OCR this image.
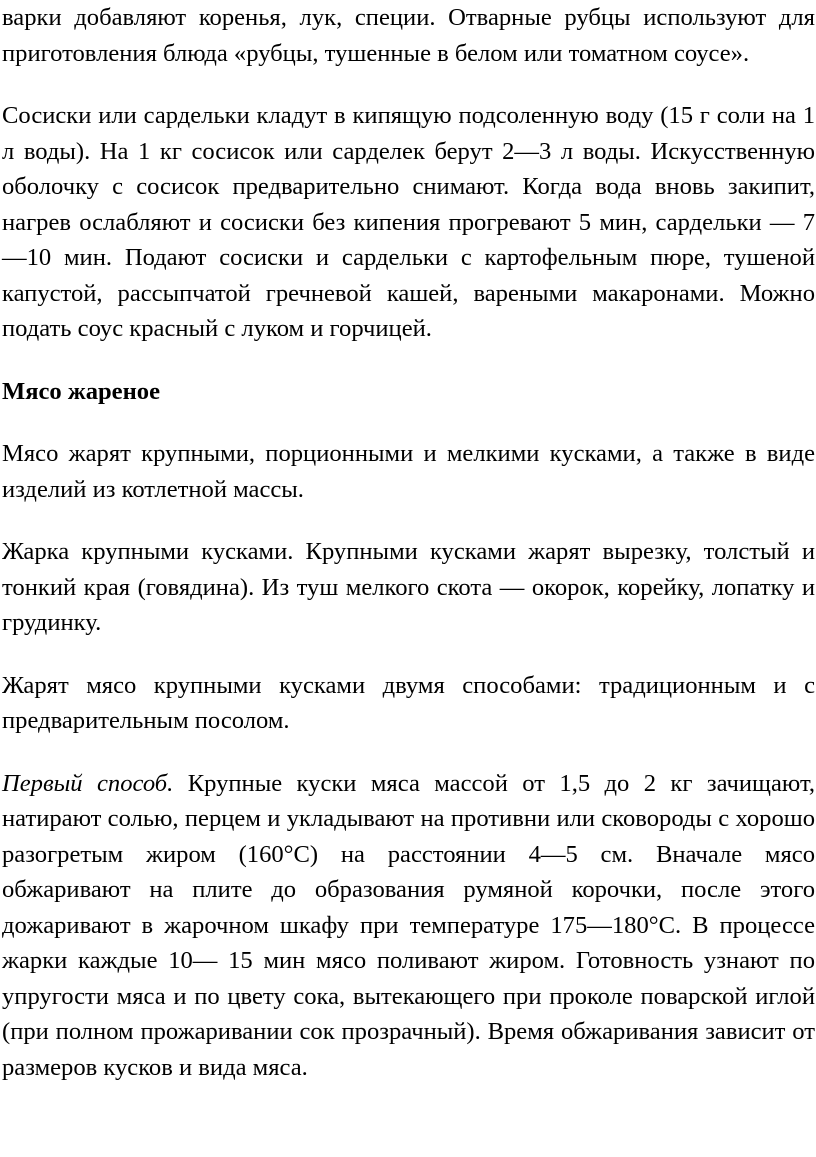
варки добавляют коренья, лук, специи. Отварные рубцы используют для приготовления блюда «рубцы, тушенные в белом или томатном соусе».

Сосиски или сардельки кладут в кипящую подсоленную воду (15 г соли на 1 л воды). На 1 кг сосисок или сарделек берут 2—3 л воды. Искусственную оболочку с сосисок предварительно снимают. Когда вода вновь закипит, нагрев ослабляют и сосиски без кипения прогревают 5 мин, сардельки — 7—10 мин. Подают сосиски и сардельки с картофельным пюре, тушеной капустой, рассыпчатой гречневой кашей, вареными макаронами. Можно подать соус красный с луком и горчицей.

Мясо жареное

Мясо жарят крупными, порционными и мелкими кусками, а также в виде изделий из котлетной массы.

Жарка крупными кусками. Крупными кусками жарят вырезку, толстый и тонкий края (говядина). Из туш мелкого скота — окорок, корейку, лопатку и грудинку.

Жарят мясо крупными кусками двумя способами: традиционным и с предварительным посолом.

Первый способ. Крупные куски мяса массой от 1,5 до 2 кг зачищают, натирают солью, перцем и укладывают на противни или сковороды с хорошо разогретым жиром (160°С) на расстоянии 4—5 см. Вначале мясо обжаривают на плите до образования румяной корочки, после этого дожаривают в жарочном шкафу при температуре 175—180°С. В процессе жарки каждые 10— 15 мин мясо поливают жиром. Готовность узнают по упругости мяса и по цвету сока, вытекающего при проколе поварской иглой (при полном прожаривании сок прозрачный). Время обжаривания зависит от размеров кусков и вида мяса.
